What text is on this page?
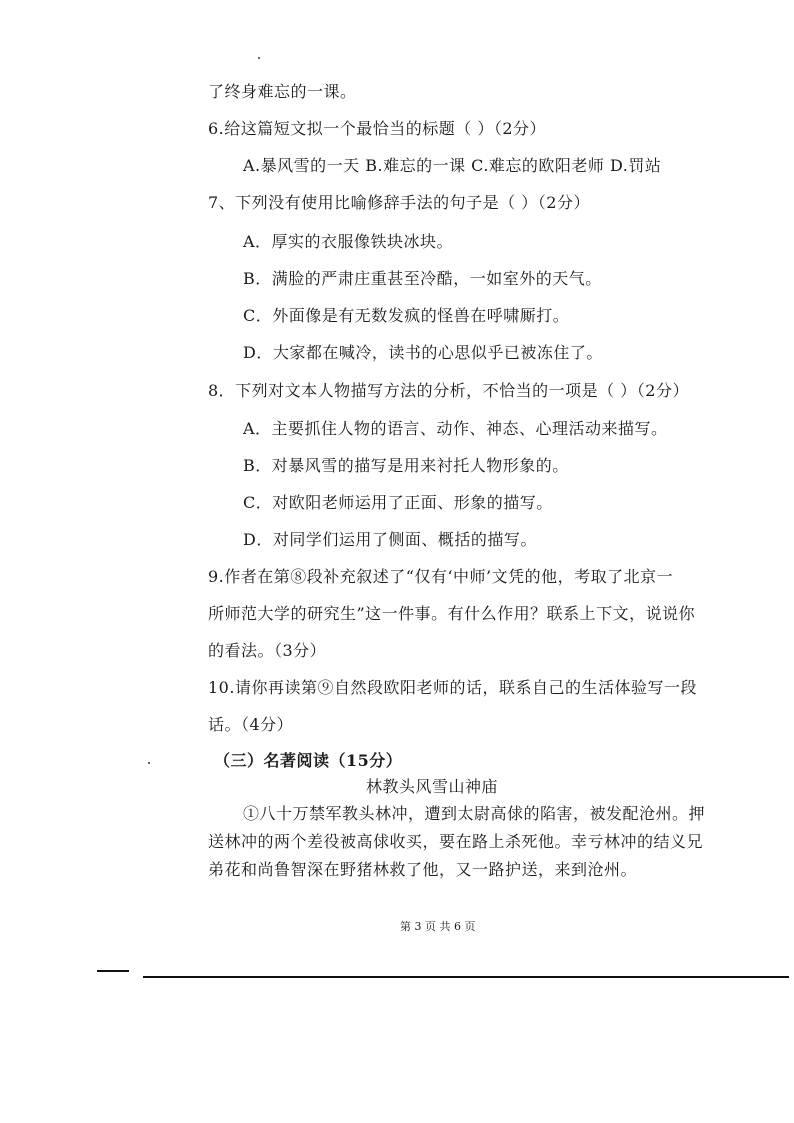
了终身难忘的一课。
6.给这篇短文拟一个最恰当的标题（ ）（2分）
A.暴风雪的一天 B.难忘的一课 C.难忘的欧阳老师 D.罚站
7、下列没有使用比喻修辞手法的句子是（ ）（2分）
A．厚实的衣服像铁块冰块。
B．满脸的严肃庄重甚至冷酷，一如室外的天气。
C．外面像是有无数发疯的怪兽在呼啸厮打。
D．大家都在喊冷，读书的心思似乎已被冻住了。
8．下列对文本人物描写方法的分析，不恰当的一项是（ ）（2分）
A．主要抓住人物的语言、动作、神态、心理活动来描写。
B．对暴风雪的描写是用来衬托人物形象的。
C．对欧阳老师运用了正面、形象的描写。
D．对同学们运用了侧面、概括的描写。
9.作者在第⑧段补充叙述了“仅有‘中师’文凭的他，考取了北京一
所师范大学的研究生”这一件事。有什么作用？联系上下文，说说你
的看法。（3分）
10.请你再读第⑨自然段欧阳老师的话，联系自己的生活体验写一段
话。（4分）
（三）名著阅读（15分）
林教头风雪山神庙
①八十万禁军教头林冲，遭到太尉高俅的陷害，被发配沧州。押
送林冲的两个差役被高俅收买，要在路上杀死他。幸亏林冲的结义兄
弟花和尚鲁智深在野猪林救了他，又一路护送，来到沧州。
第 3 页 共 6 页
